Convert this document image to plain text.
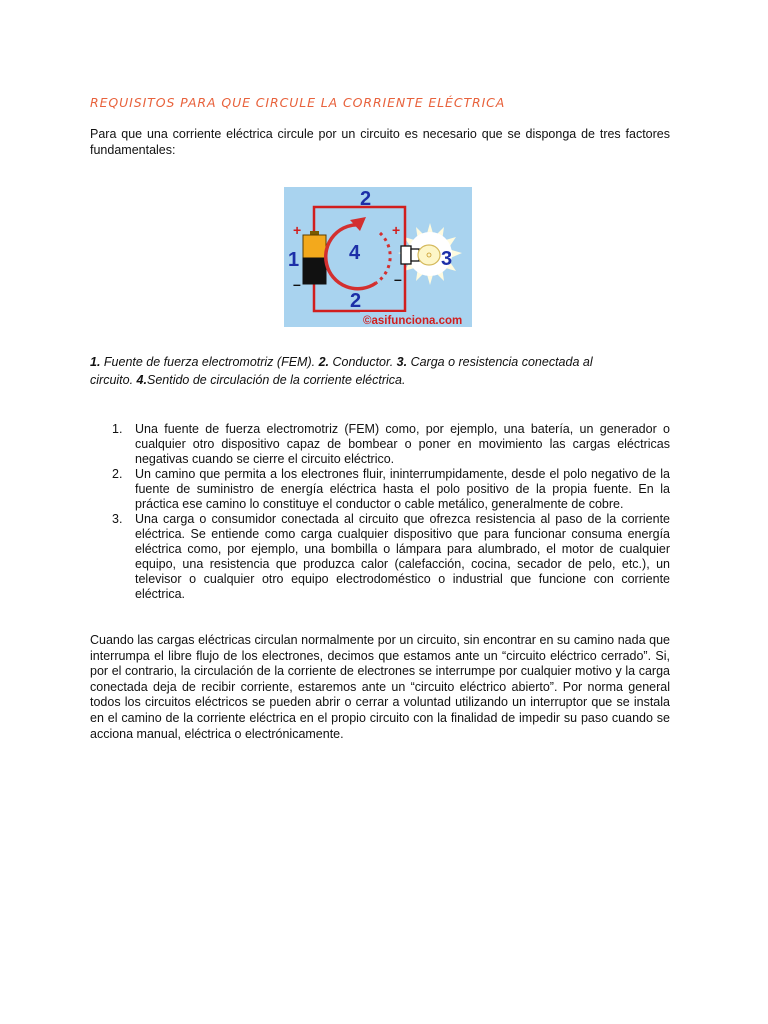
REQUISITOS PARA QUE CIRCULE LA CORRIENTE ELÉCTRICA

Para que una corriente eléctrica circule por un circuito es necesario que se disponga de tres factores fundamentales:

2
2
1	3
4
+	+
–	–
©asifunciona.com

1. Fuente de fuerza electromotriz (FEM). 2. Conductor. 3. Carga o resistencia conectada al circuito. 4.Sentido de circulación de la corriente eléctrica.

1. Una fuente de fuerza electromotriz (FEM) como, por ejemplo, una batería, un generador o cualquier otro dispositivo capaz de bombear o poner en movimiento las cargas eléctricas negativas cuando se cierre el circuito eléctrico.
2. Un camino que permita a los electrones fluir, ininterrumpidamente, desde el polo negativo de la fuente de suministro de energía eléctrica hasta el polo positivo de la propia fuente. En la práctica ese camino lo constituye el conductor o cable metálico, generalmente de cobre.
3. Una carga o consumidor conectada al circuito que ofrezca resistencia al paso de la corriente eléctrica. Se entiende como carga cualquier dispositivo que para funcionar consuma energía eléctrica como, por ejemplo, una bombilla o lámpara para alumbrado, el motor de cualquier equipo, una resistencia que produzca calor (calefacción, cocina, secador de pelo, etc.), un televisor o cualquier otro equipo electrodoméstico o industrial que funcione con corriente eléctrica.

Cuando las cargas eléctricas circulan normalmente por un circuito, sin encontrar en su camino nada que interrumpa el libre flujo de los electrones, decimos que estamos ante un “circuito eléctrico cerrado”. Si, por el contrario, la circulación de la corriente de electrones se interrumpe por cualquier motivo y la carga conectada deja de recibir corriente, estaremos ante un “circuito eléctrico abierto”. Por norma general todos los circuitos eléctricos se pueden abrir o cerrar a voluntad utilizando un interruptor que se instala en el camino de la corriente eléctrica en el propio circuito con la finalidad de impedir su paso cuando se acciona manual, eléctrica o electrónicamente.
